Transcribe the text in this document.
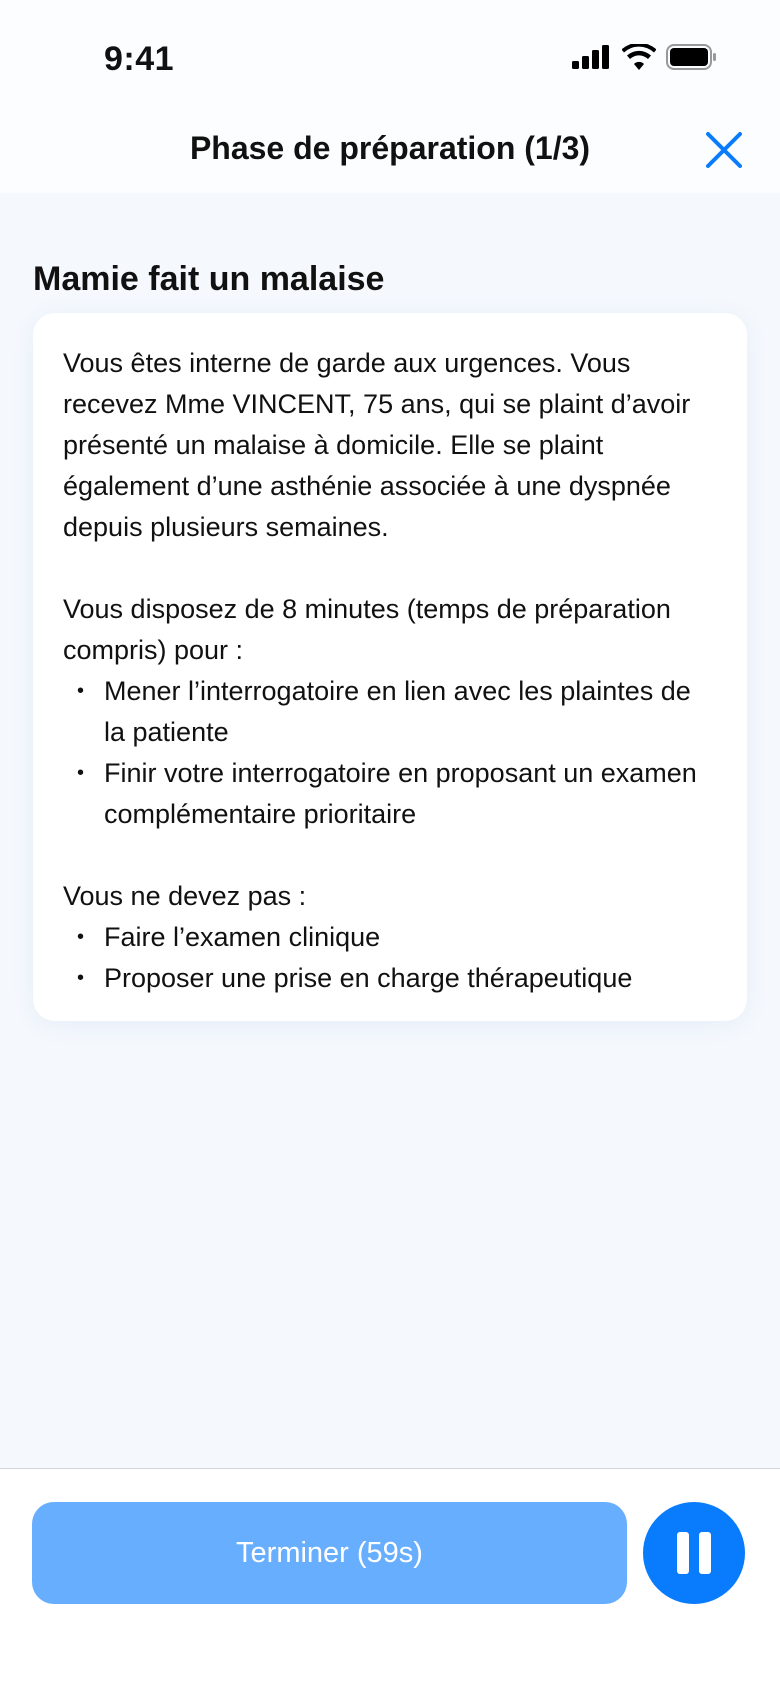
9:41
Phase de préparation (1/3)
Mamie fait un malaise

Vous êtes interne de garde aux urgences. Vous recevez Mme VINCENT, 75 ans, qui se plaint d’avoir présenté un malaise à domicile. Elle se plaint également d’une asthénie associée à une dyspnée depuis plusieurs semaines.

Vous disposez de 8 minutes (temps de préparation compris) pour :

• Mener l’interrogatoire en lien avec les plaintes de la patiente
• Finir votre interrogatoire en proposant un examen complémentaire prioritaire

Vous ne devez pas :

• Faire l’examen clinique
• Proposer une prise en charge thérapeutique
Terminer (59s)
